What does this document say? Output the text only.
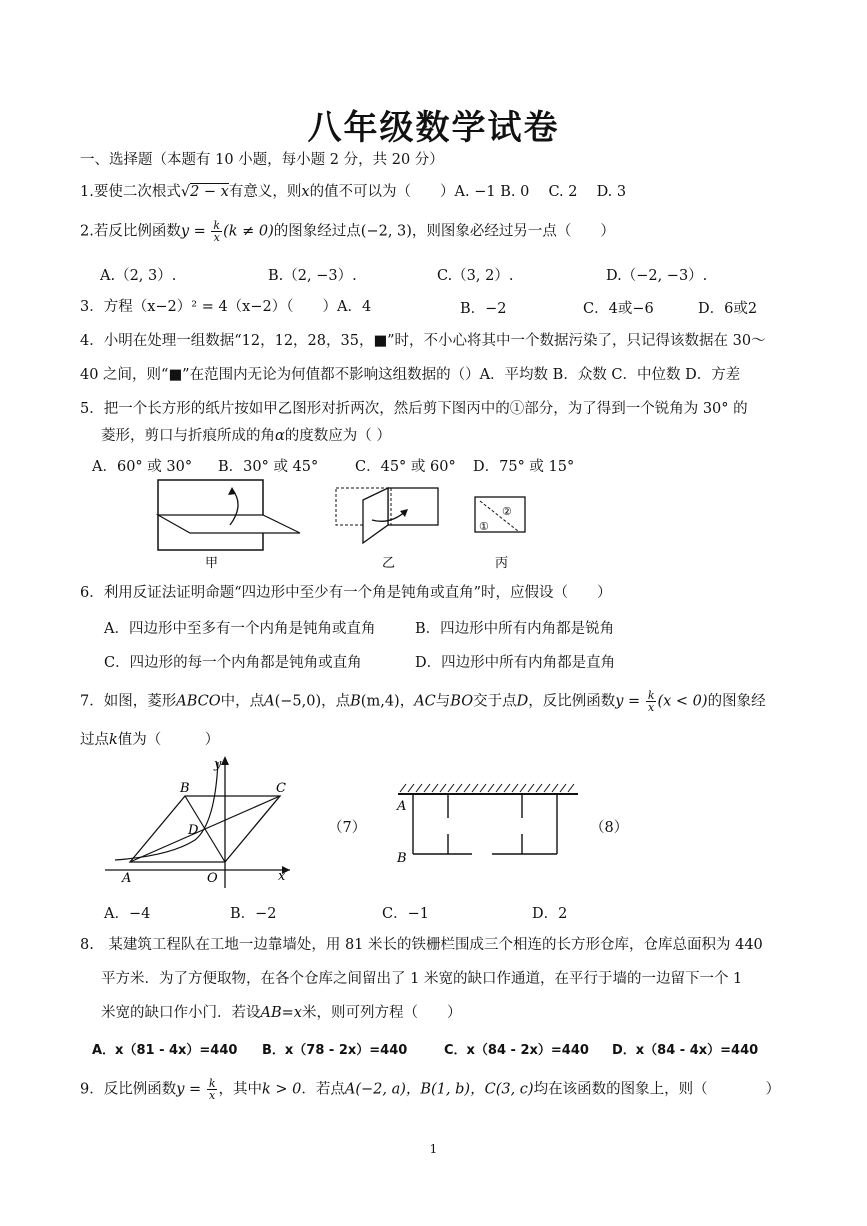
八年级数学试卷
一、选择题（本题有 10 小题，每小题 2 分，共 20 分）
1.要使二次根式√2 − x有意义，则x的值不可以为（　　）A. −1 B. 0　 C. 2　 D. 3
2.若反比例函数$y = \frac{k}{x} (k \ne 0)$的图象经过点(−2, 3)，则图象必经过另一点（　　）
A.（2, 3）.	B.（2, −3）.	C.（3, 2）.	D.（−2, −3）.
3．方程（x−2）² = 4（x−2）（　　）A．4	B．−2	C．4或−6	D．6或2
4．小明在处理一组数据“12，12，28，35，■”时，不小心将其中一个数据污染了，只记得该数据在 30～
40 之间，则“■”在范围内无论为何值都不影响这组数据的（）A．平均数 B．众数 C．中位数 D．方差
5．把一个长方形的纸片按如甲乙图形对折两次，然后剪下图丙中的①部分，为了得到一个锐角为 30° 的
菱形，剪口与折痕所成的角α的度数应为（ ）
A．60° 或 30° B．30° 或 45°	C．45° 或 60° D．75° 或 15°
甲	乙
①
②
丙
6．利用反证法证明命题“四边形中至少有一个角是钝角或直角”时，应假设（　　）
A．四边形中至多有一个内角是钝角或直角	B．四边形中所有内角都是锐角
C．四边形的每一个内角都是钝角或直角	D．四边形中所有内角都是直角
7．如图，菱形ABCO中，点A(−5,0)，点B(m,4)，AC与BO交于点D，反比例函数$y = \frac{k}{x} (x < 0)$的图象经
过点k值为（　　　）
y
x
B	C
D
A	O
（7）
A
B
（8）
A．−4	B．−2	C．−1	D．2
8.　某建筑工程队在工地一边靠墙处，用 81 米长的铁栅栏围成三个相连的长方形仓库，仓库总面积为 440
平方米．为了方便取物，在各个仓库之间留出了 1 米宽的缺口作通道，在平行于墙的一边留下一个 1
米宽的缺口作小门．若设AB=x米，则可列方程（　　）
A．x（81 - 4x）=440 B．x（78 - 2x）=440	C．x（84 - 2x）=440 D．x（84 - 4x）=440
9．反比例函数$y = \frac{k}{x}$ ，其中k > 0．若点A(−2, a)，B(1, b)，C(3, c)均在该函数的图象上，则（　　　　）
1
